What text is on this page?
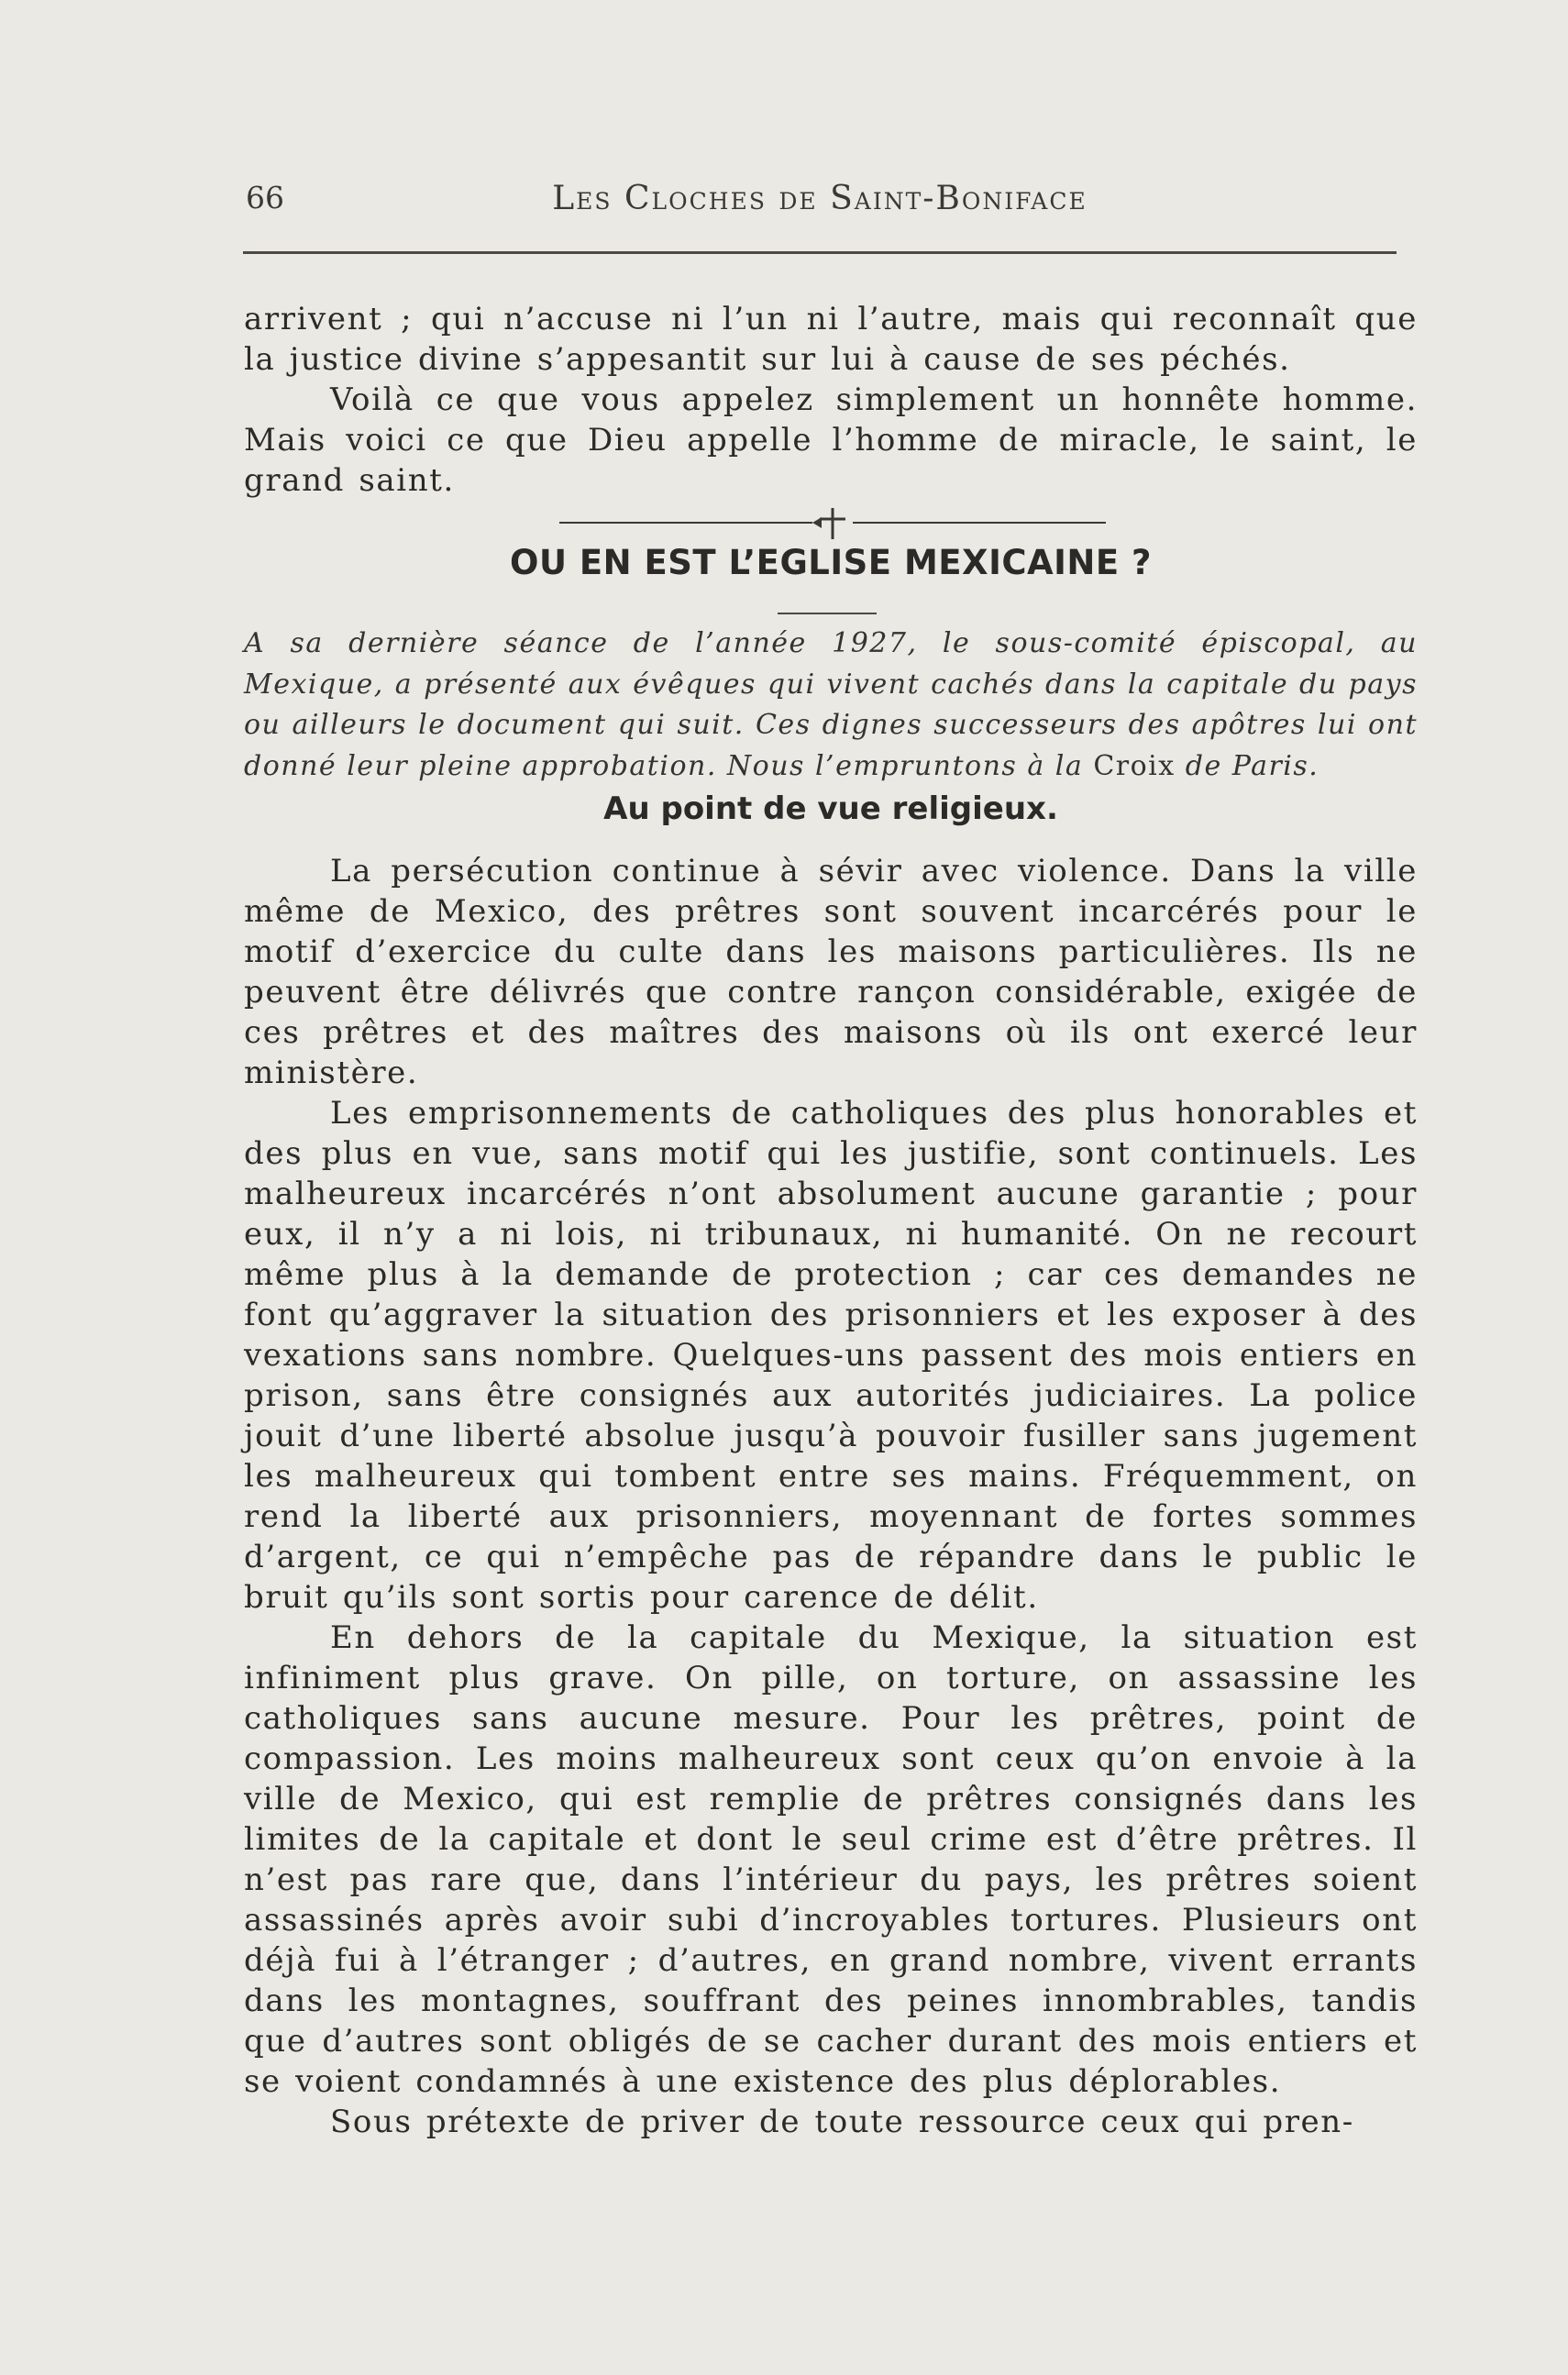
66	Les Cloches de Saint-Boniface

arrivent ; qui n’accuse ni l’un ni l’autre, mais qui reconnaît que la justice divine s’appesantit sur lui à cause de ses péchés.

Voilà ce que vous appelez simplement un honnête homme. Mais voici ce que Dieu appelle l’homme de miracle, le saint, le grand saint.

OU EN EST L’EGLISE MEXICAINE ?
A sa dernière séance de l’année 1927, le sous-comité épiscopal, au Mexique, a présenté aux évêques qui vivent cachés dans la capitale du pays ou ailleurs le document qui suit. Ces dignes successeurs des apôtres lui ont donné leur pleine approbation. Nous l’empruntons à la Croix de Paris.
Au point de vue religieux.

La persécution continue à sévir avec violence. Dans la ville même de Mexico, des prêtres sont souvent incarcérés pour le motif d’exercice du culte dans les maisons particulières. Ils ne peuvent être délivrés que contre rançon considérable, exigée de ces prêtres et des maîtres des maisons où ils ont exercé leur ministère.

Les emprisonnements de catholiques des plus honorables et des plus en vue, sans motif qui les justifie, sont continuels. Les malheureux incarcérés n’ont absolument aucune garantie ; pour eux, il n’y a ni lois, ni tribunaux, ni humanité. On ne recourt même plus à la demande de protection ; car ces demandes ne font qu’aggraver la situation des prisonniers et les exposer à des vexations sans nombre. Quelques-uns passent des mois entiers en prison, sans être consignés aux autorités judiciaires. La police jouit d’une liberté absolue jusqu’à pouvoir fusiller sans jugement les malheureux qui tombent entre ses mains. Fréquemment, on rend la liberté aux prisonniers, moyennant de fortes sommes d’argent, ce qui n’empêche pas de répandre dans le public le bruit qu’ils sont sortis pour carence de délit.

En dehors de la capitale du Mexique, la situation est infiniment plus grave. On pille, on torture, on assassine les catholiques sans aucune mesure. Pour les prêtres, point de compassion. Les moins malheureux sont ceux qu’on envoie à la ville de Mexico, qui est remplie de prêtres consignés dans les limites de la capitale et dont le seul crime est d’être prêtres. Il n’est pas rare que, dans l’intérieur du pays, les prêtres soient assassinés après avoir subi d’incroyables tortures. Plusieurs ont déjà fui à l’étranger ; d’autres, en grand nombre, vivent errants dans les montagnes, souffrant des peines innombrables, tandis que d’autres sont obligés de se cacher durant des mois entiers et se voient condamnés à une existence des plus déplorables.

Sous prétexte de priver de toute ressource ceux qui pren-
